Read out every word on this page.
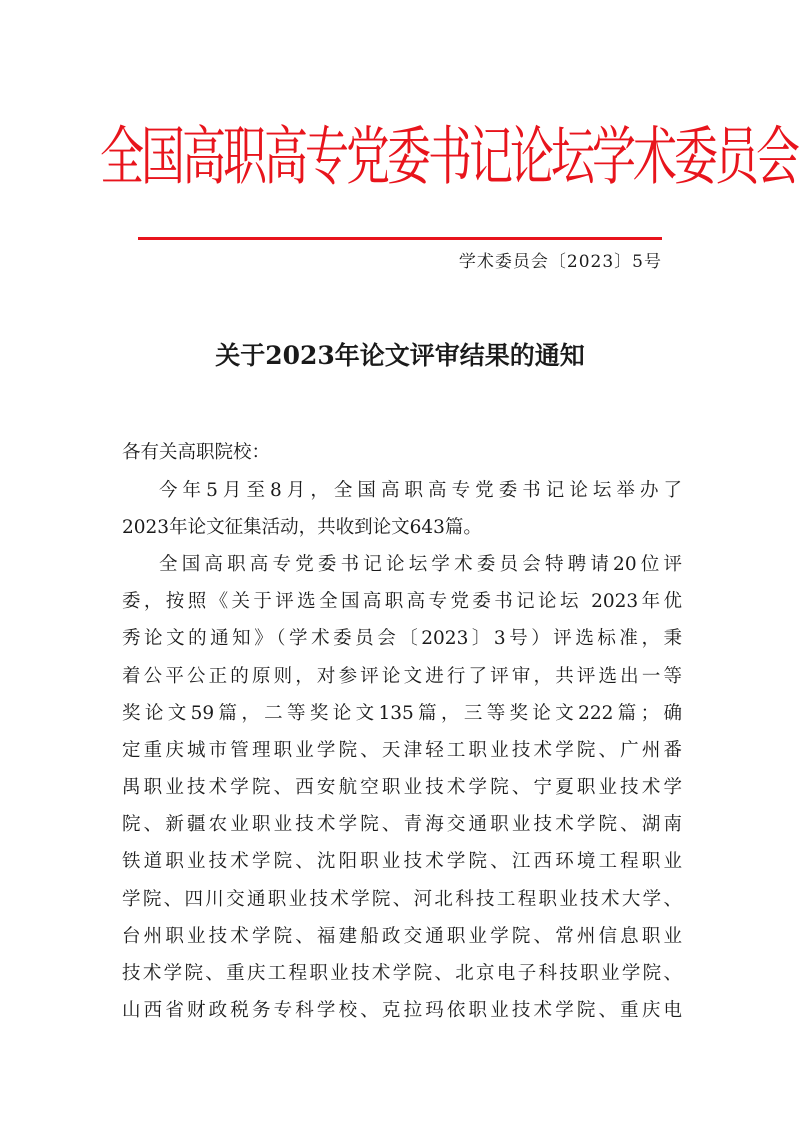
全国高职高专党委书记论坛学术委员会
学术委员会〔2023〕5号
关于2023年论文评审结果的通知
各有关高职院校：
今年5月至8月，全国高职高专党委书记论坛举办了
2023年论文征集活动，共收到论文643篇。
全国高职高专党委书记论坛学术委员会特聘请20位评
委，按照《关于评选全国高职高专党委书记论坛 2023年优
秀论文的通知》（学术委员会〔2023〕3号）评选标准，秉
着公平公正的原则，对参评论文进行了评审，共评选出一等
奖论文59篇，二等奖论文135篇，三等奖论文222篇；确
定重庆城市管理职业学院、天津轻工职业技术学院、广州番
禺职业技术学院、西安航空职业技术学院、宁夏职业技术学
院、新疆农业职业技术学院、青海交通职业技术学院、湖南
铁道职业技术学院、沈阳职业技术学院、江西环境工程职业
学院、四川交通职业技术学院、河北科技工程职业技术大学、
台州职业技术学院、福建船政交通职业学院、常州信息职业
技术学院、重庆工程职业技术学院、北京电子科技职业学院、
山西省财政税务专科学校、克拉玛依职业技术学院、重庆电
